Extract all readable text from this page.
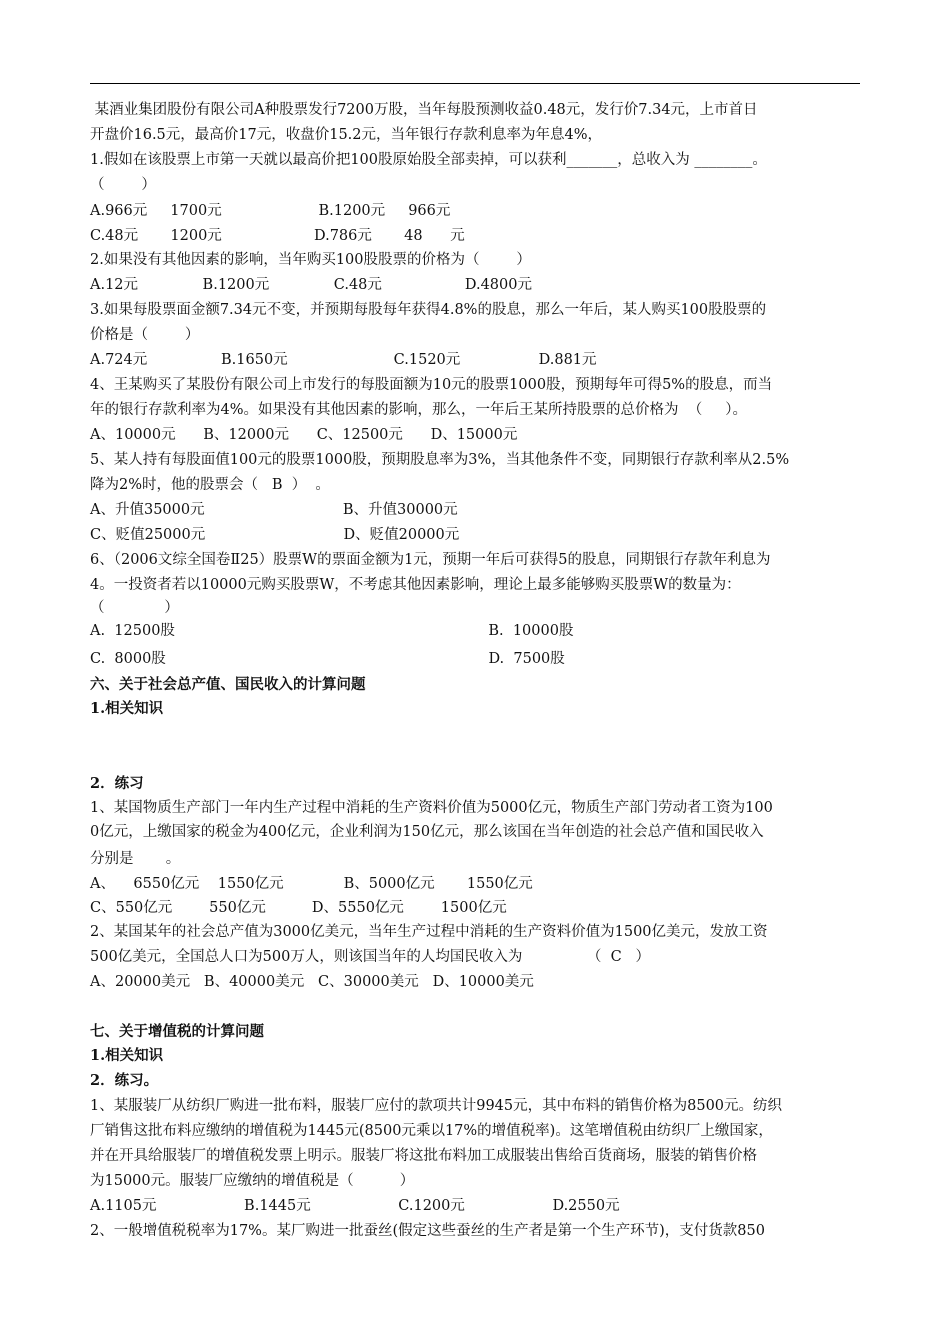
某酒业集团股份有限公司A种股票发行7200万股，当年每股预测收益0.48元，发行价7.34元，上市首日
开盘价16.5元，最高价17元，收盘价15.2元，当年银行存款利息率为年息4%，
1.假如在该股票上市第一天就以最高价把100股原始股全部卖掉，可以获利_______，总收入为 ________。
（        ）
A.966元     1700元                     B.1200元     966元
C.48元       1200元                    D.786元       48      元
2.如果没有其他因素的影响，当年购买100股股票的价格为（        ）
A.12元              B.1200元              C.48元                  D.4800元
3.如果每股票面金额7.34元不变，并预期每股每年获得4.8%的股息，那么一年后，某人购买100股股票的
价格是（        ）
A.724元                B.1650元                       C.1520元                 D.881元
4、王某购买了某股份有限公司上市发行的每股面额为10元的股票1000股，预期每年可得5%的股息，而当
年的银行存款利率为4%。如果没有其他因素的影响，那么，一年后王某所持股票的总价格为  （     ）。
A、10000元      B、12000元      C、12500元      D、15000元
5、某人持有每股面值100元的股票1000股，预期股息率为3%，当其他条件不变，同期银行存款利率从2.5%
降为2%时，他的股票会（   B  ）  。
A、升值35000元                              B、升值30000元
C、贬值25000元                              D、贬值20000元
6、（2006文综全国卷Ⅱ25）股票W的票面金额为1元，预期一年后可获得5的股息，同期银行存款年利息为
4。一投资者若以10000元购买股票W，不考虑其他因素影响，理论上最多能够购买股票W的数量为：
（             ）
A.  12500股                                                                    B.  10000股
C.  8000股                                                                      D.  7500股
六、关于社会总产值、国民收入的计算问题
1.相关知识
2．练习
1、某国物质生产部门一年内生产过程中消耗的生产资料价值为5000亿元，物质生产部门劳动者工资为100
0亿元，上缴国家的税金为400亿元，企业利润为150亿元，那么该国在当年创造的社会总产值和国民收入
分别是       。
A、    6550亿元    1550亿元             B、5000亿元       1550亿元
C、550亿元        550亿元          D、5550亿元        1500亿元
2、某国某年的社会总产值为3000亿美元，当年生产过程中消耗的生产资料价值为1500亿美元，发放工资
500亿美元，全国总人口为500万人，则该国当年的人均国民收入为              （  C   ）
A、20000美元   B、40000美元   C、30000美元   D、10000美元
七、关于增值税的计算问题
1.相关知识
2．练习。
1、某服装厂从纺织厂购进一批布料，服装厂应付的款项共计9945元，其中布料的销售价格为8500元。纺织
厂销售这批布料应缴纳的增值税为1445元(8500元乘以17%的增值税率)。这笔增值税由纺织厂上缴国家，
并在开具给服装厂的增值税发票上明示。服装厂将这批布料加工成服装出售给百货商场，服装的销售价格
为15000元。服装厂应缴纳的增值税是（          ）
A.1105元                   B.1445元                   C.1200元                   D.2550元
2、一般增值税税率为17%。某厂购进一批蚕丝(假定这些蚕丝的生产者是第一个生产环节)，支付货款850
